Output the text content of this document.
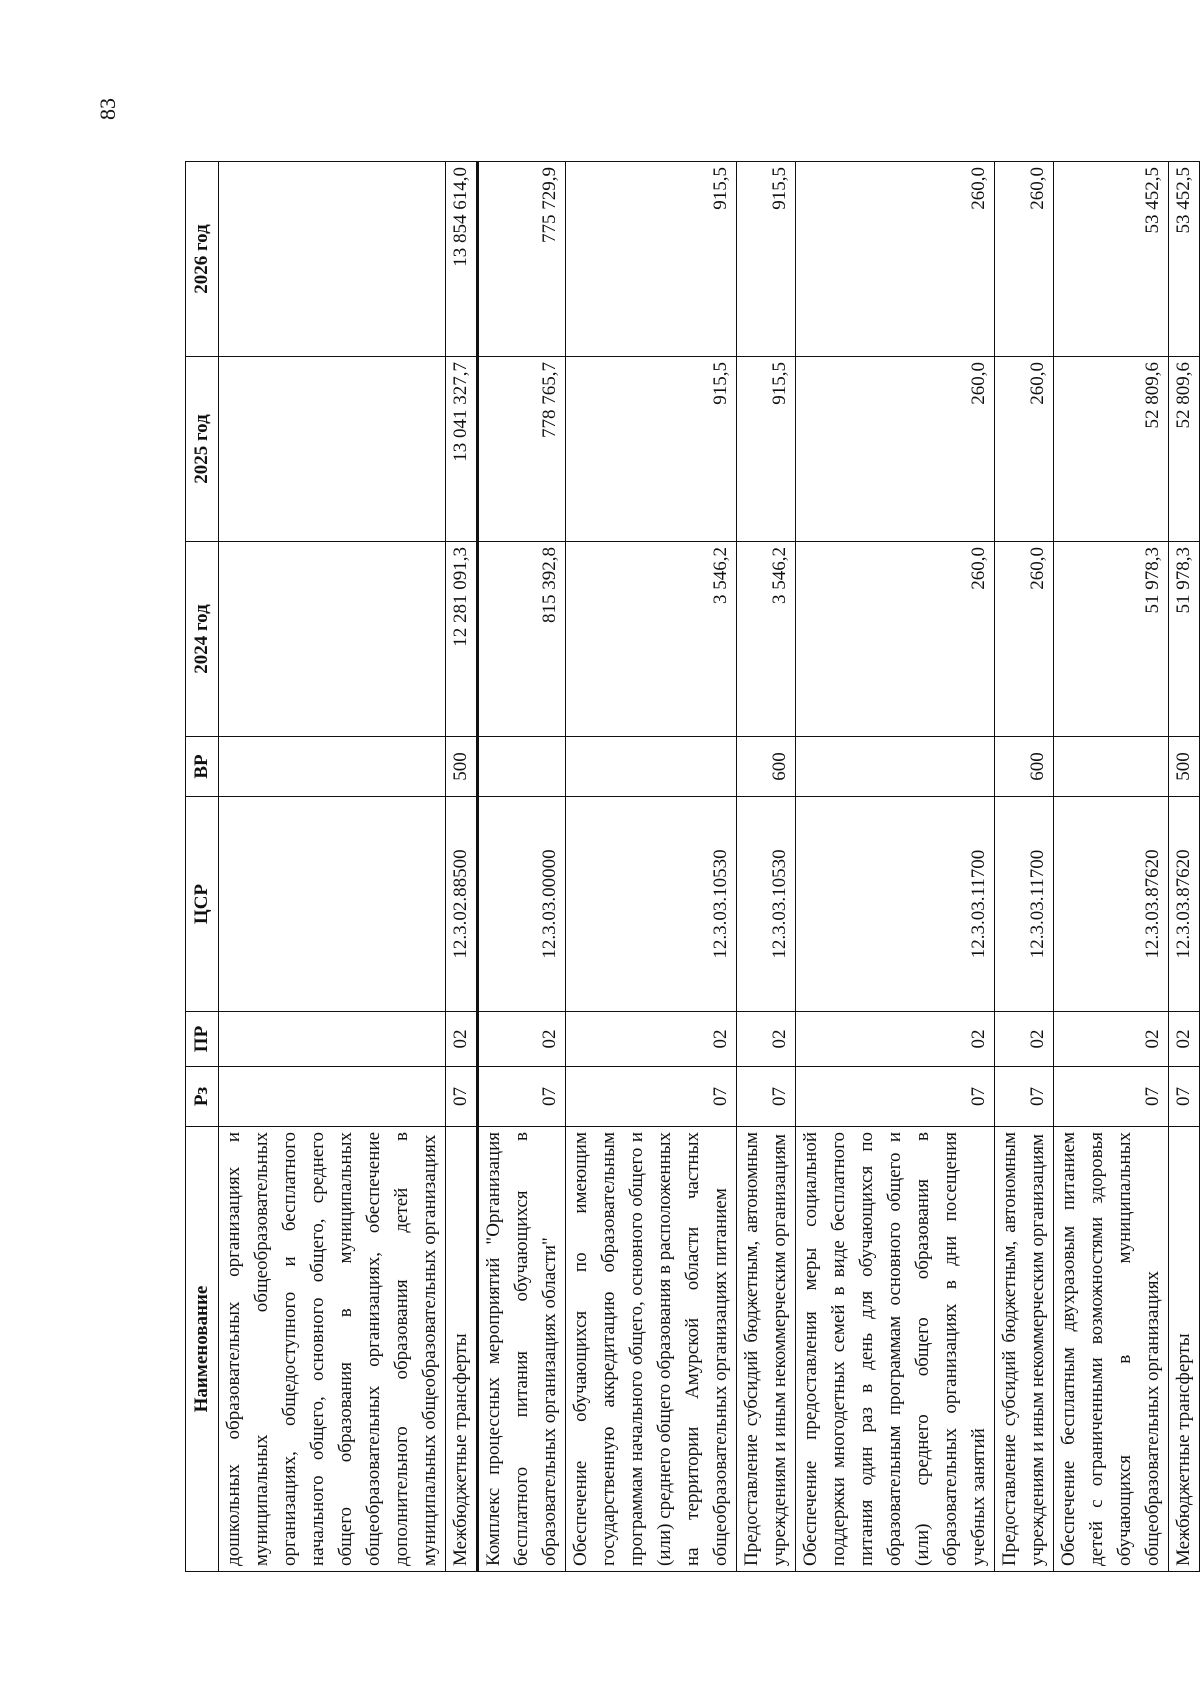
83
Наименование	Рз	ПР	ЦСР	ВР	2024 год	2025 год	2026 год
дошкольных образовательных организациях и муниципальных общеобразовательных организациях, общедоступного и бесплатного начального общего, основного общего, среднего общего образования в муниципальных общеобразовательных организациях, обеспечение дополнительного образования детей в муниципальных общеобразовательных организациях							
Межбюджетные трансферты	07	02	12.3.02.88500	500	12 281 091,3	13 041 327,7	13 854 614,0
Комплекс процессных мероприятий "Организация бесплатного питания обучающихся в образовательных организациях области"	07	02	12.3.03.00000		815 392,8	778 765,7	775 729,9
Обеспечение обучающихся по имеющим государственную аккредитацию образовательным программам начального общего, основного общего и (или) среднего общего образования в расположенных на территории Амурской области частных общеобразовательных организациях питанием	07	02	12.3.03.10530		3 546,2	915,5	915,5
Предоставление субсидий бюджетным, автономным учреждениям и иным некоммерческим организациям	07	02	12.3.03.10530	600	3 546,2	915,5	915,5
Обеспечение предоставления меры социальной поддержки многодетных семей в виде бесплатного питания один раз в день для обучающихся по образовательным программам основного общего и (или) среднего общего образования в образовательных организациях в дни посещения учебных занятий	07	02	12.3.03.11700		260,0	260,0	260,0
Предоставление субсидий бюджетным, автономным учреждениям и иным некоммерческим организациям	07	02	12.3.03.11700	600	260,0	260,0	260,0
Обеспечение бесплатным двухразовым питанием детей с ограниченными возможностями здоровья обучающихся в муниципальных общеобразовательных организациях	07	02	12.3.03.87620		51 978,3	52 809,6	53 452,5
Межбюджетные трансферты	07	02	12.3.03.87620	500	51 978,3	52 809,6	53 452,5
